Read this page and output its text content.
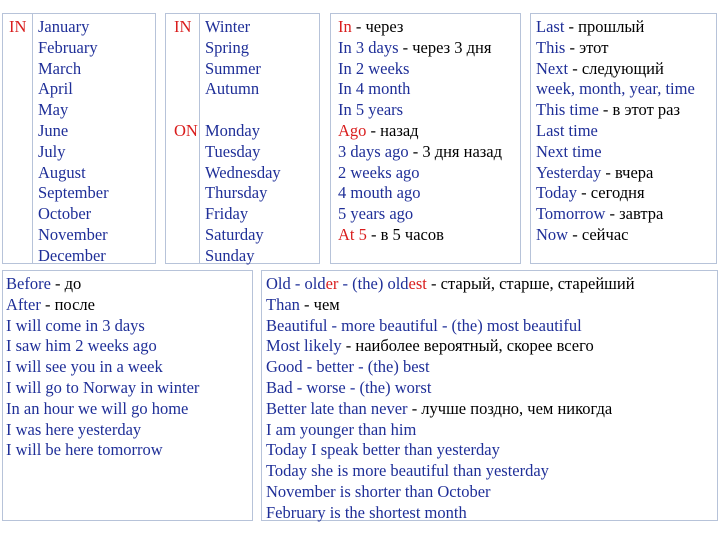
IN January
February
March
April
May
June
July
August
September
October
November
December
IN
ON
Winter
Spring
Summer
Autumn
Monday
Tuesday
Wednesday
Thursday
Friday
Saturday
Sunday
In - через
In 3 days - через 3 дня
In 2 weeks
In 4 month
In 5 years
Ago - назад
3 days ago - 3 дня назад
2 weeks ago
4 mouth ago
5 years ago
At 5 - в 5 часов
Last - прошлый
This - этот
Next - следующий
week, month, year, time
This time - в этот раз
Last time
Next time
Yesterday - вчера
Today - сегодня
Tomorrow - завтра
Now - сейчас
Before - до
After - после
I will come in 3 days
I saw him 2 weeks ago
I will see you in a week
I will go to Norway in winter
In an hour we will go home
I was here yesterday
I will be here tomorrow
Old - older - (the) oldest - старый, старше, старейший
Than - чем
Beautiful - more beautiful - (the) most beautiful
Most likely - наиболее вероятный, скорее всего
Good - better - (the) best
Bad - worse - (the) worst
Better late than never - лучше поздно, чем никогда
I am younger than him
Today I speak better than yesterday
Today she is more beautiful than yesterday
November is shorter than October
February is the shortest month
